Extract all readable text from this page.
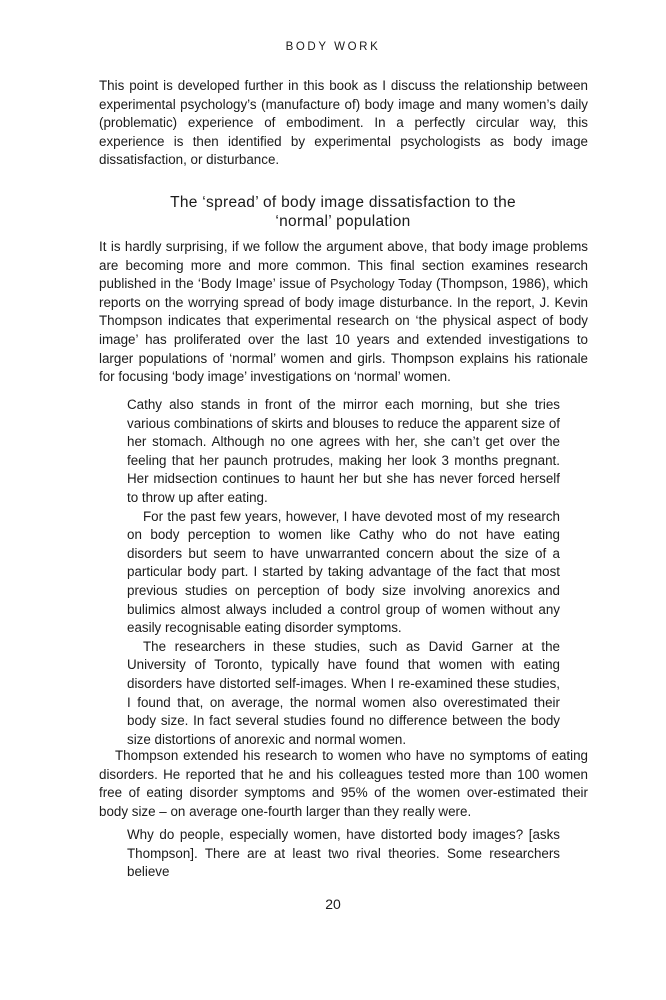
BODY WORK

This point is developed further in this book as I discuss the relationship between experimental psychology’s (manufacture of) body image and many women’s daily (problematic) experience of embodiment. In a perfectly circular way, this experience is then identified by experimental psychologists as body image dissatisfaction, or disturbance.

The ‘spread’ of body image dissatisfaction to the
‘normal’ population

It is hardly surprising, if we follow the argument above, that body image problems are becoming more and more common. This final section examines research published in the ‘Body Image’ issue of Psychology Today (Thompson, 1986), which reports on the worrying spread of body image disturbance. In the report, J. Kevin Thompson indicates that experimental research on ‘the physical aspect of body image’ has proliferated over the last 10 years and extended investigations to larger populations of ‘normal’ women and girls. Thompson explains his rationale for focusing ‘body image’ investigations on ‘normal’ women.

Cathy also stands in front of the mirror each morning, but she tries various combinations of skirts and blouses to reduce the apparent size of her stomach. Although no one agrees with her, she can’t get over the feeling that her paunch protrudes, making her look 3 months pregnant. Her midsection continues to haunt her but she has never forced herself to throw up after eating.

For the past few years, however, I have devoted most of my research on body perception to women like Cathy who do not have eating disorders but seem to have unwarranted concern about the size of a particular body part. I started by taking advantage of the fact that most previous studies on perception of body size involving anorexics and bulimics almost always included a control group of women without any easily recognisable eating disorder symptoms.

The researchers in these studies, such as David Garner at the University of Toronto, typically have found that women with eating disorders have distorted self-images. When I re-examined these studies, I found that, on average, the normal women also overestimated their body size. In fact several studies found no difference between the body size distortions of anorexic and normal women.

Thompson extended his research to women who have no symptoms of eating disorders. He reported that he and his colleagues tested more than 100 women free of eating disorder symptoms and 95% of the women over-estimated their body size – on average one-fourth larger than they really were.

Why do people, especially women, have distorted body images? [asks Thompson]. There are at least two rival theories. Some researchers believe

20
